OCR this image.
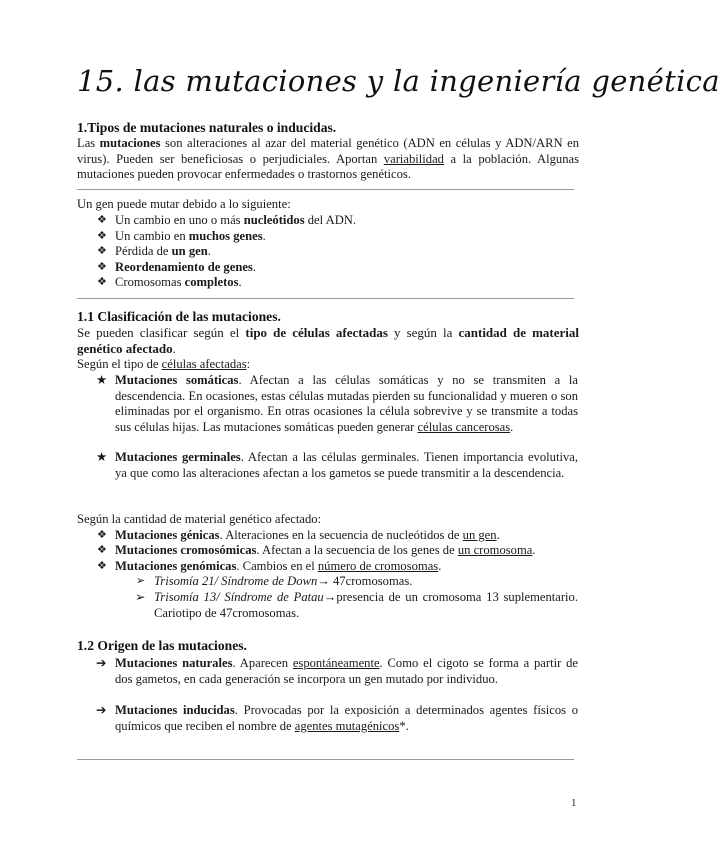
15. las mutaciones y la ingeniería genética
1.Tipos de mutaciones naturales o inducidas.
Las mutaciones son alteraciones al azar del material genético (ADN en células y ADN/ARN en virus). Pueden ser beneficiosas o perjudiciales. Aportan variabilidad a la población. Algunas mutaciones pueden provocar enfermedades o trastornos genéticos.
Un gen puede mutar debido a lo siguiente:
❖ Un cambio en uno o más nucleótidos del ADN.
❖ Un cambio en muchos genes.
❖ Pérdida de un gen.
❖ Reordenamiento de genes.
❖ Cromosomas completos.
1.1 Clasificación de las mutaciones.
Se pueden clasificar según el tipo de células afectadas y según la cantidad de material genético afectado.
Según el tipo de células afectadas:
★ Mutaciones somáticas. Afectan a las células somáticas y no se transmiten a la descendencia. En ocasiones, estas células mutadas pierden su funcionalidad y mueren o son eliminadas por el organismo. En otras ocasiones la célula sobrevive y se transmite a todas sus células hijas. Las mutaciones somáticas pueden generar células cancerosas.
★ Mutaciones germinales. Afectan a las células germinales. Tienen importancia evolutiva, ya que como las alteraciones afectan a los gametos se puede transmitir a la descendencia.
Según la cantidad de material genético afectado:
❖ Mutaciones génicas. Alteraciones en la secuencia de nucleótidos de un gen.
❖ Mutaciones cromosómicas. Afectan a la secuencia de los genes de un cromosoma.
❖ Mutaciones genómicas. Cambios en el número de cromosomas.
➢ Trisomía 21/ Síndrome de Down→ 47cromosomas.
➢ Trisomía 13/ Síndrome de Patau→presencia de un cromosoma 13 suplementario. Cariotipo de 47cromosomas.
1.2 Origen de las mutaciones.
➔ Mutaciones naturales. Aparecen espontáneamente. Como el cigoto se forma a partir de dos gametos, en cada generación se incorpora un gen mutado por individuo.
➔ Mutaciones inducidas. Provocadas por la exposición a determinados agentes físicos o químicos que reciben el nombre de agentes mutagénicos*.
1
